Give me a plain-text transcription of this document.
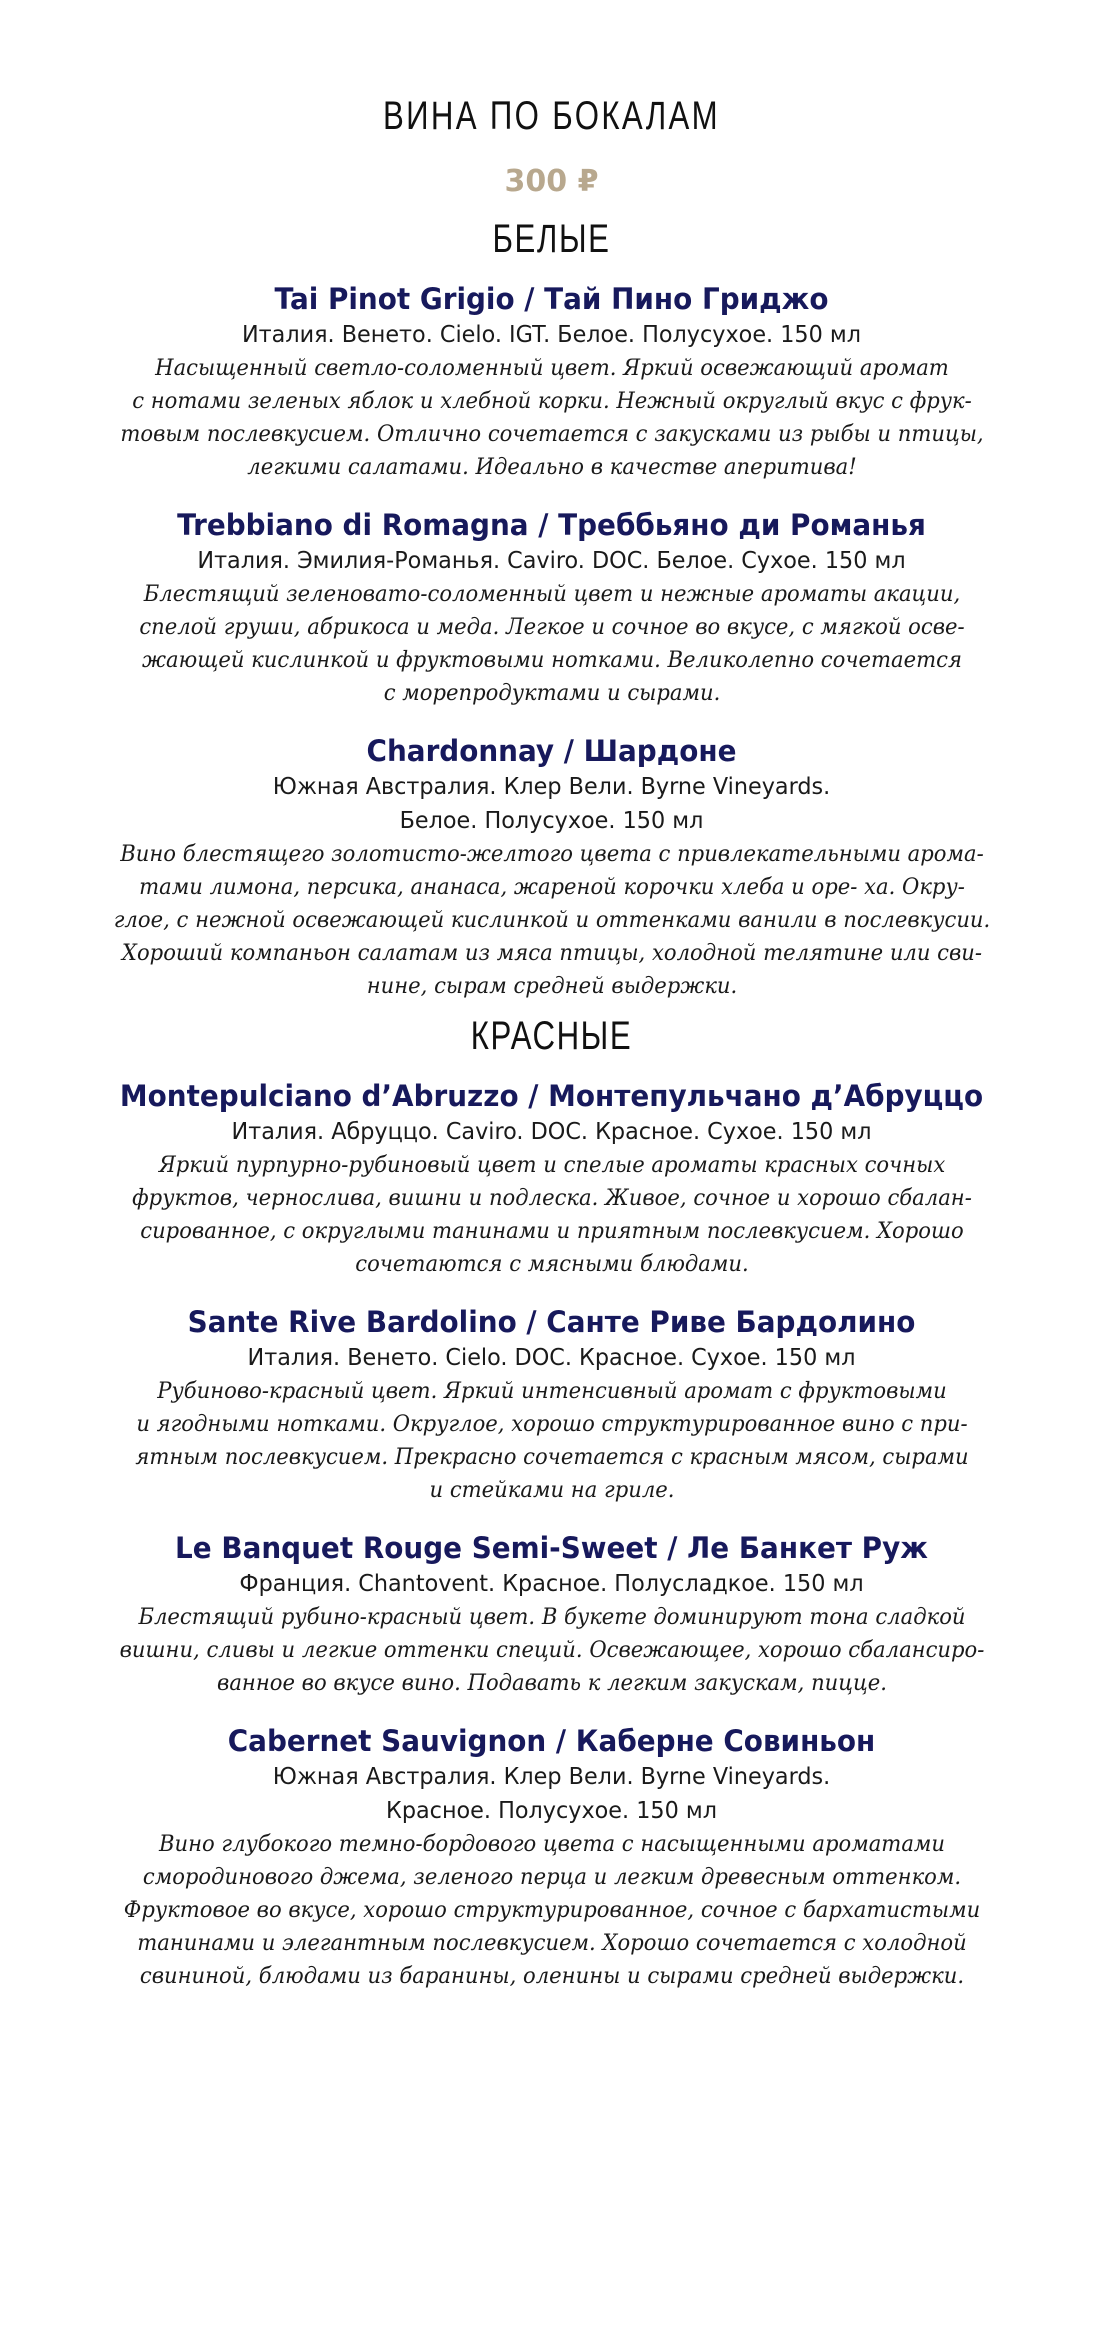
ВИНА ПО БОКАЛАМ
300 ₽
БЕЛЫЕ
Tai Pinot Grigio / Тай Пино Гриджо
Италия. Венето. Cielo. IGT. Белое. Полусухое. 150 мл
Насыщенный светло-соломенный цвет. Яркий освежающий аромат
с нотами зеленых яблок и хлебной корки. Нежный округлый вкус с фрук-
товым послевкусием. Отлично сочетается с закусками из рыбы и птицы,
легкими салатами. Идеально в качестве аперитива!
Trebbiano di Romagna / Треббьяно ди Романья
Италия. Эмилия-Романья. Caviro. DOC. Белое. Сухое. 150 мл
Блестящий зеленовато-соломенный цвет и нежные ароматы акации,
спелой груши, абрикоса и меда. Легкое и сочное во вкусе, с мягкой осве-
жающей кислинкой и фруктовыми нотками. Великолепно сочетается
с морепродуктами и сырами.
Chardonnay / Шардоне
Южная Австралия. Клер Вели. Byrne Vineyards.
Белое. Полусухое. 150 мл
Вино блестящего золотисто-желтого цвета с привлекательными арома-
тами лимона, персика, ананаса, жареной корочки хлеба и оре- ха. Окру-
глое, с нежной освежающей кислинкой и оттенками ванили в послевкусии.
Хороший компаньон салатам из мяса птицы, холодной телятине или сви-
нине, сырам средней выдержки.
КРАСНЫЕ
Montepulciano d’Abruzzo / Монтепульчано д’Абруццо
Италия. Абруццо. Caviro. DOC. Красное. Сухое. 150 мл
Яркий пурпурно-рубиновый цвет и спелые ароматы красных сочных
фруктов, чернослива, вишни и подлеска. Живое, сочное и хорошо сбалан-
сированное, с округлыми танинами и приятным послевкусием. Хорошо
сочетаются с мясными блюдами.
Sante Rive Bardolino / Санте Риве Бардолино
Италия. Венето. Cielo. DOC. Красное. Сухое. 150 мл
Рубиново-красный цвет. Яркий интенсивный аромат с фруктовыми
и ягодными нотками. Округлое, хорошо структурированное вино с при-
ятным послевкусием. Прекрасно сочетается с красным мясом, сырами
и стейками на гриле.
Le Banquet Rouge Semi-Sweet / Ле Банкет Руж
Франция. Chantovent. Красное. Полусладкое. 150 мл
Блестящий рубино-красный цвет. В букете доминируют тона сладкой
вишни, сливы и легкие оттенки специй. Освежающее, хорошо сбалансиро-
ванное во вкусе вино. Подавать к легким закускам, пицце.
Cabernet Sauvignon / Каберне Совиньон
Южная Австралия. Клер Вели. Byrne Vineyards.
Красное. Полусухое. 150 мл
Вино глубокого темно-бордового цвета с насыщенными ароматами
смородинового джема, зеленого перца и легким древесным оттенком.
Фруктовое во вкусе, хорошо структурированное, сочное с бархатистыми
танинами и элегантным послевкусием. Хорошо сочетается с холодной
свининой, блюдами из баранины, оленины и сырами средней выдержки.
